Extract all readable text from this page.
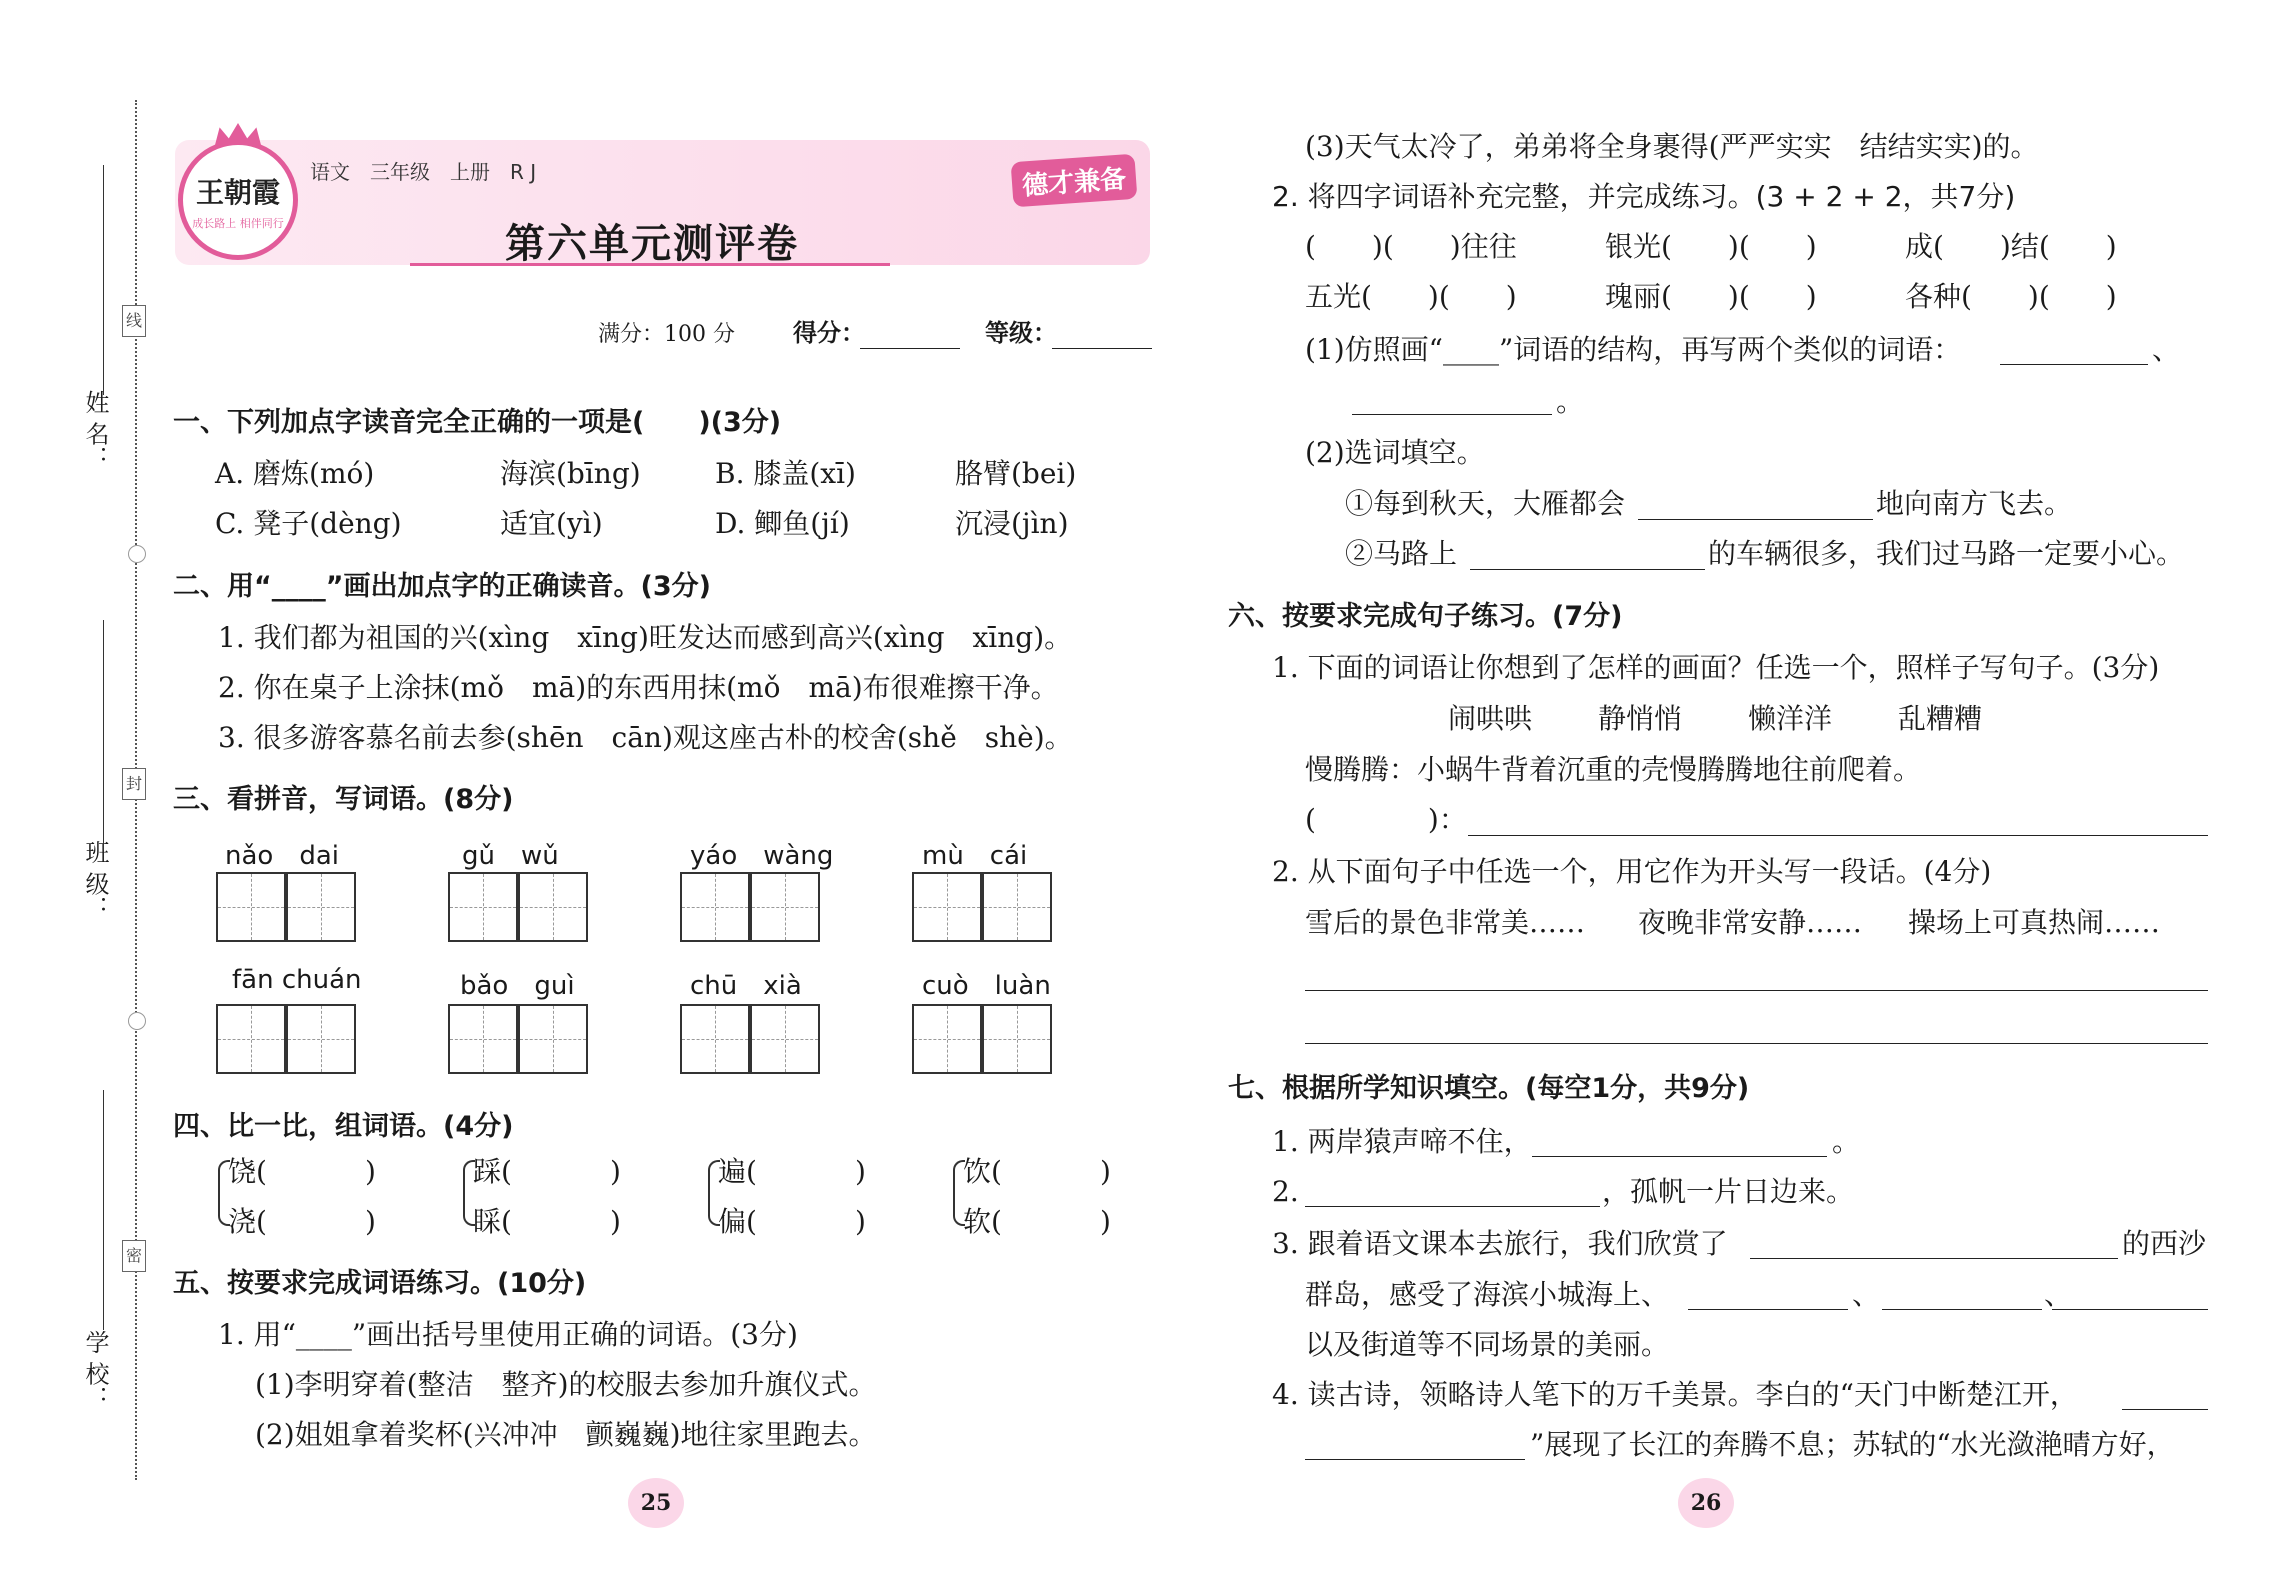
姓 名：
班 级：
学 校：
线
封
密
王朝霞
成长路上 相伴同行
语文　三年级　上册　R J	德才兼备
第六单元测评卷
满分：100 分 得分：	等级：
一、下列加点字读音完全正确的一项是(　　)(3分)
A. 磨炼(mó)	海滨(bīng)	B. 膝盖(xī)	胳臂(bei)
C. 凳子(dèng)	适宜(yì)	D. 鲫鱼(jí)	沉浸(jìn)
二、用“____”画出加点字的正确读音。(3分)
1. 我们都为祖国的兴(xìng　xīng)旺发达而感到高兴(xìng　xīng)。
2. 你在桌子上涂抹(mǒ　mā)的东西用抹(mǒ　mā)布很难擦干净。
3. 很多游客慕名前去参(shēn　cān)观这座古朴的校舍(shě　shè)。
三、看拼音，写词语。(8分)
nǎo　dai	gǔ　wǔ	yáo　wàng	mù　cái
fān chuán	bǎo　guì	chū　xià	cuò　luàn
四、比一比，组词语。(4分)
饶(	)
浇(	)
踩(	)
睬(	)
遍(	)
偏(	)
饮(	)
软(	)
五、按要求完成词语练习。(10分)
1. 用“____”画出括号里使用正确的词语。(3分)
(1)李明穿着(整洁　整齐)的校服去参加升旗仪式。
(2)姐姐拿着奖杯(兴冲冲　颤巍巍)地往家里跑去。
25
(3)天气太冷了，弟弟将全身裹得(严严实实　结结实实)的。
2. 将四字词语补充完整，并完成练习。(3 + 2 + 2，共7分)
(　　)(　　)往往	银光(　　)(　　)	成(　　)结(　　)
五光(　　)(　　)	瑰丽(　　)(　　)	各种(　　)(　　)
(1)仿照画“____”词语的结构，再写两个类似的词语：	、
。
(2)选词填空。
①每到秋天，大雁都会	地向南方飞去。
②马路上	的车辆很多，我们过马路一定要小心。
六、按要求完成句子练习。(7分)
1. 下面的词语让你想到了怎样的画面？任选一个，照样子写句子。(3分)
闹哄哄 静悄悄 懒洋洋 乱糟糟
慢腾腾：小蜗牛背着沉重的壳慢腾腾地往前爬着。
(　　　　)：
2. 从下面句子中任选一个，用它作为开头写一段话。(4分)
雪后的景色非常美…… 夜晚非常安静…… 操场上可真热闹……
七、根据所学知识填空。(每空1分，共9分)
1. 两岸猿声啼不住，	。
2.	，孤帆一片日边来。
3. 跟着语文课本去旅行，我们欣赏了	的西沙
群岛，感受了海滨小城海上、	、	、
以及街道等不同场景的美丽。
4. 读古诗，领略诗人笔下的万千美景。李白的“天门中断楚江开，
”展现了长江的奔腾不息；苏轼的“水光潋滟晴方好，
26
